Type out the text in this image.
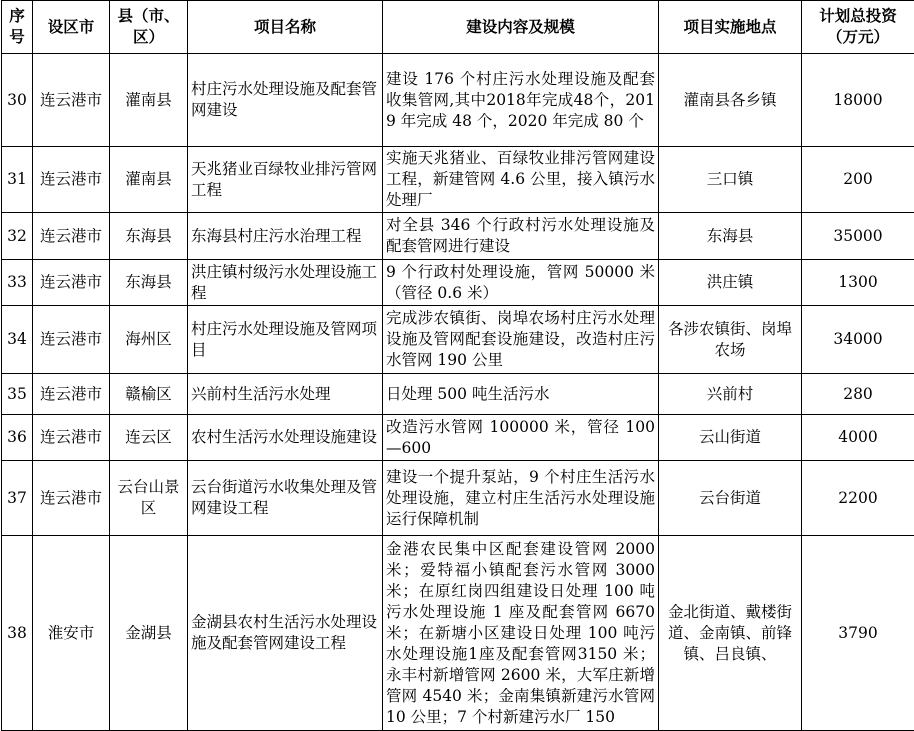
序号	设区市	县（市、区）	项目名称	建设内容及规模	项目实施地点	计划总投资（万元）
30	连云港市	灌南县	村庄污水处理设施及配套管网建设	建设 176 个村庄污水处理设施及配套收集管网,其中2018年完成48个，2019 年完成 48 个，2020 年完成 80 个	灌南县各乡镇	18000
31	连云港市	灌南县	天兆猪业百绿牧业排污管网工程	实施天兆猪业、百绿牧业排污管网建设工程，新建管网 4.6 公里，接入镇污水处理厂	三口镇	200
32	连云港市	东海县	东海县村庄污水治理工程	对全县 346 个行政村污水处理设施及配套管网进行建设	东海县	35000
33	连云港市	东海县	洪庄镇村级污水处理设施工程	9 个行政村处理设施，管网 50000 米（管径 0.6 米）	洪庄镇	1300
34	连云港市	海州区	村庄污水处理设施及管网项目	完成涉农镇街、岗埠农场村庄污水处理设施及管网配套设施建设，改造村庄污水管网 190 公里	各涉农镇街、岗埠农场	34000
35	连云港市	赣榆区	兴前村生活污水处理	日处理 500 吨生活污水	兴前村	280
36	连云港市	连云区	农村生活污水处理设施建设	改造污水管网 100000 米，管径 100—600	云山街道	4000
37	连云港市	云台山景区	云台街道污水收集处理及管网建设工程	建设一个提升泵站，9 个村庄生活污水处理设施，建立村庄生活污水处理设施运行保障机制	云台街道	2200
38	淮安市	金湖县	金湖县农村生活污水处理设施及配套管网建设工程	金港农民集中区配套建设管网 2000 米；爱特福小镇配套污水管网 3000 米；在原红岗四组建设日处理 100 吨污水处理设施 1 座及配套管网 6670 米；在新塘小区建设日处理 100 吨污水处理设施1座及配套管网3150 米；永丰村新增管网 2600 米，大军庄新增管网 4540 米；金南集镇新建污水管网 10 公里；7 个村新建污水厂 150	金北街道、戴楼街道、金南镇、前锋镇、吕良镇、	3790
